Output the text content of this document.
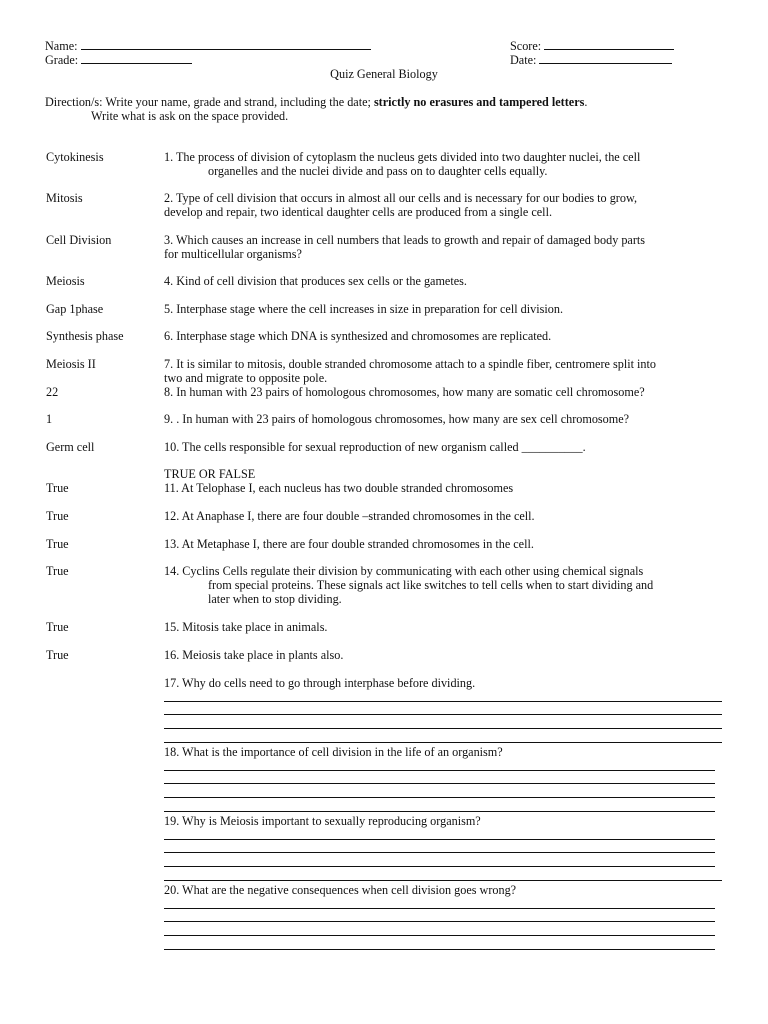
Name:
Grade:
Score:
Date:
Quiz General Biology
Direction/s: Write your name, grade and strand, including the date; strictly no erasures and tampered letters.
Write what is ask on the space provided.
Cytokinesis	1. The process of division of cytoplasm the nucleus gets divided into two daughter nuclei, the cell
organelles and the nuclei divide and pass on to daughter cells equally.
Mitosis	2. Type of cell division that occurs in almost all our cells and is necessary for our bodies to grow,
develop and repair, two identical daughter cells are produced from a single cell.
Cell Division	3. Which causes an increase in cell numbers that leads to growth and repair of damaged body parts
for multicellular organisms?
Meiosis	4. Kind of cell division that produces sex cells or the gametes.
Gap 1phase	5. Interphase stage where the cell increases in size in preparation for cell division.
Synthesis phase	6. Interphase stage which DNA is synthesized and chromosomes are replicated.
Meiosis II	7. It is similar to mitosis, double stranded chromosome attach to a spindle fiber, centromere split into
two and migrate to opposite pole.
22	8. In human with 23 pairs of homologous chromosomes, how many are somatic cell chromosome?
1	9. . In human with 23 pairs of homologous chromosomes, how many are sex cell chromosome?
Germ cell	10. The cells responsible for sexual reproduction of new organism called __________.
TRUE OR FALSE
True	11. At Telophase I, each nucleus has two double stranded chromosomes
True	12. At Anaphase I, there are four double –stranded chromosomes in the cell.
True	13. At Metaphase I, there are four double stranded chromosomes in the cell.
True	14. Cyclins Cells regulate their division by communicating with each other using chemical signals
from special proteins. These signals act like switches to tell cells when to start dividing and
later when to stop dividing.
True	15. Mitosis take place in animals.
True	16. Meiosis take place in plants also.
17. Why do cells need to go through interphase before dividing.
18. What is the importance of cell division in the life of an organism?
19. Why is Meiosis important to sexually reproducing organism?
20. What are the negative consequences when cell division goes wrong?
